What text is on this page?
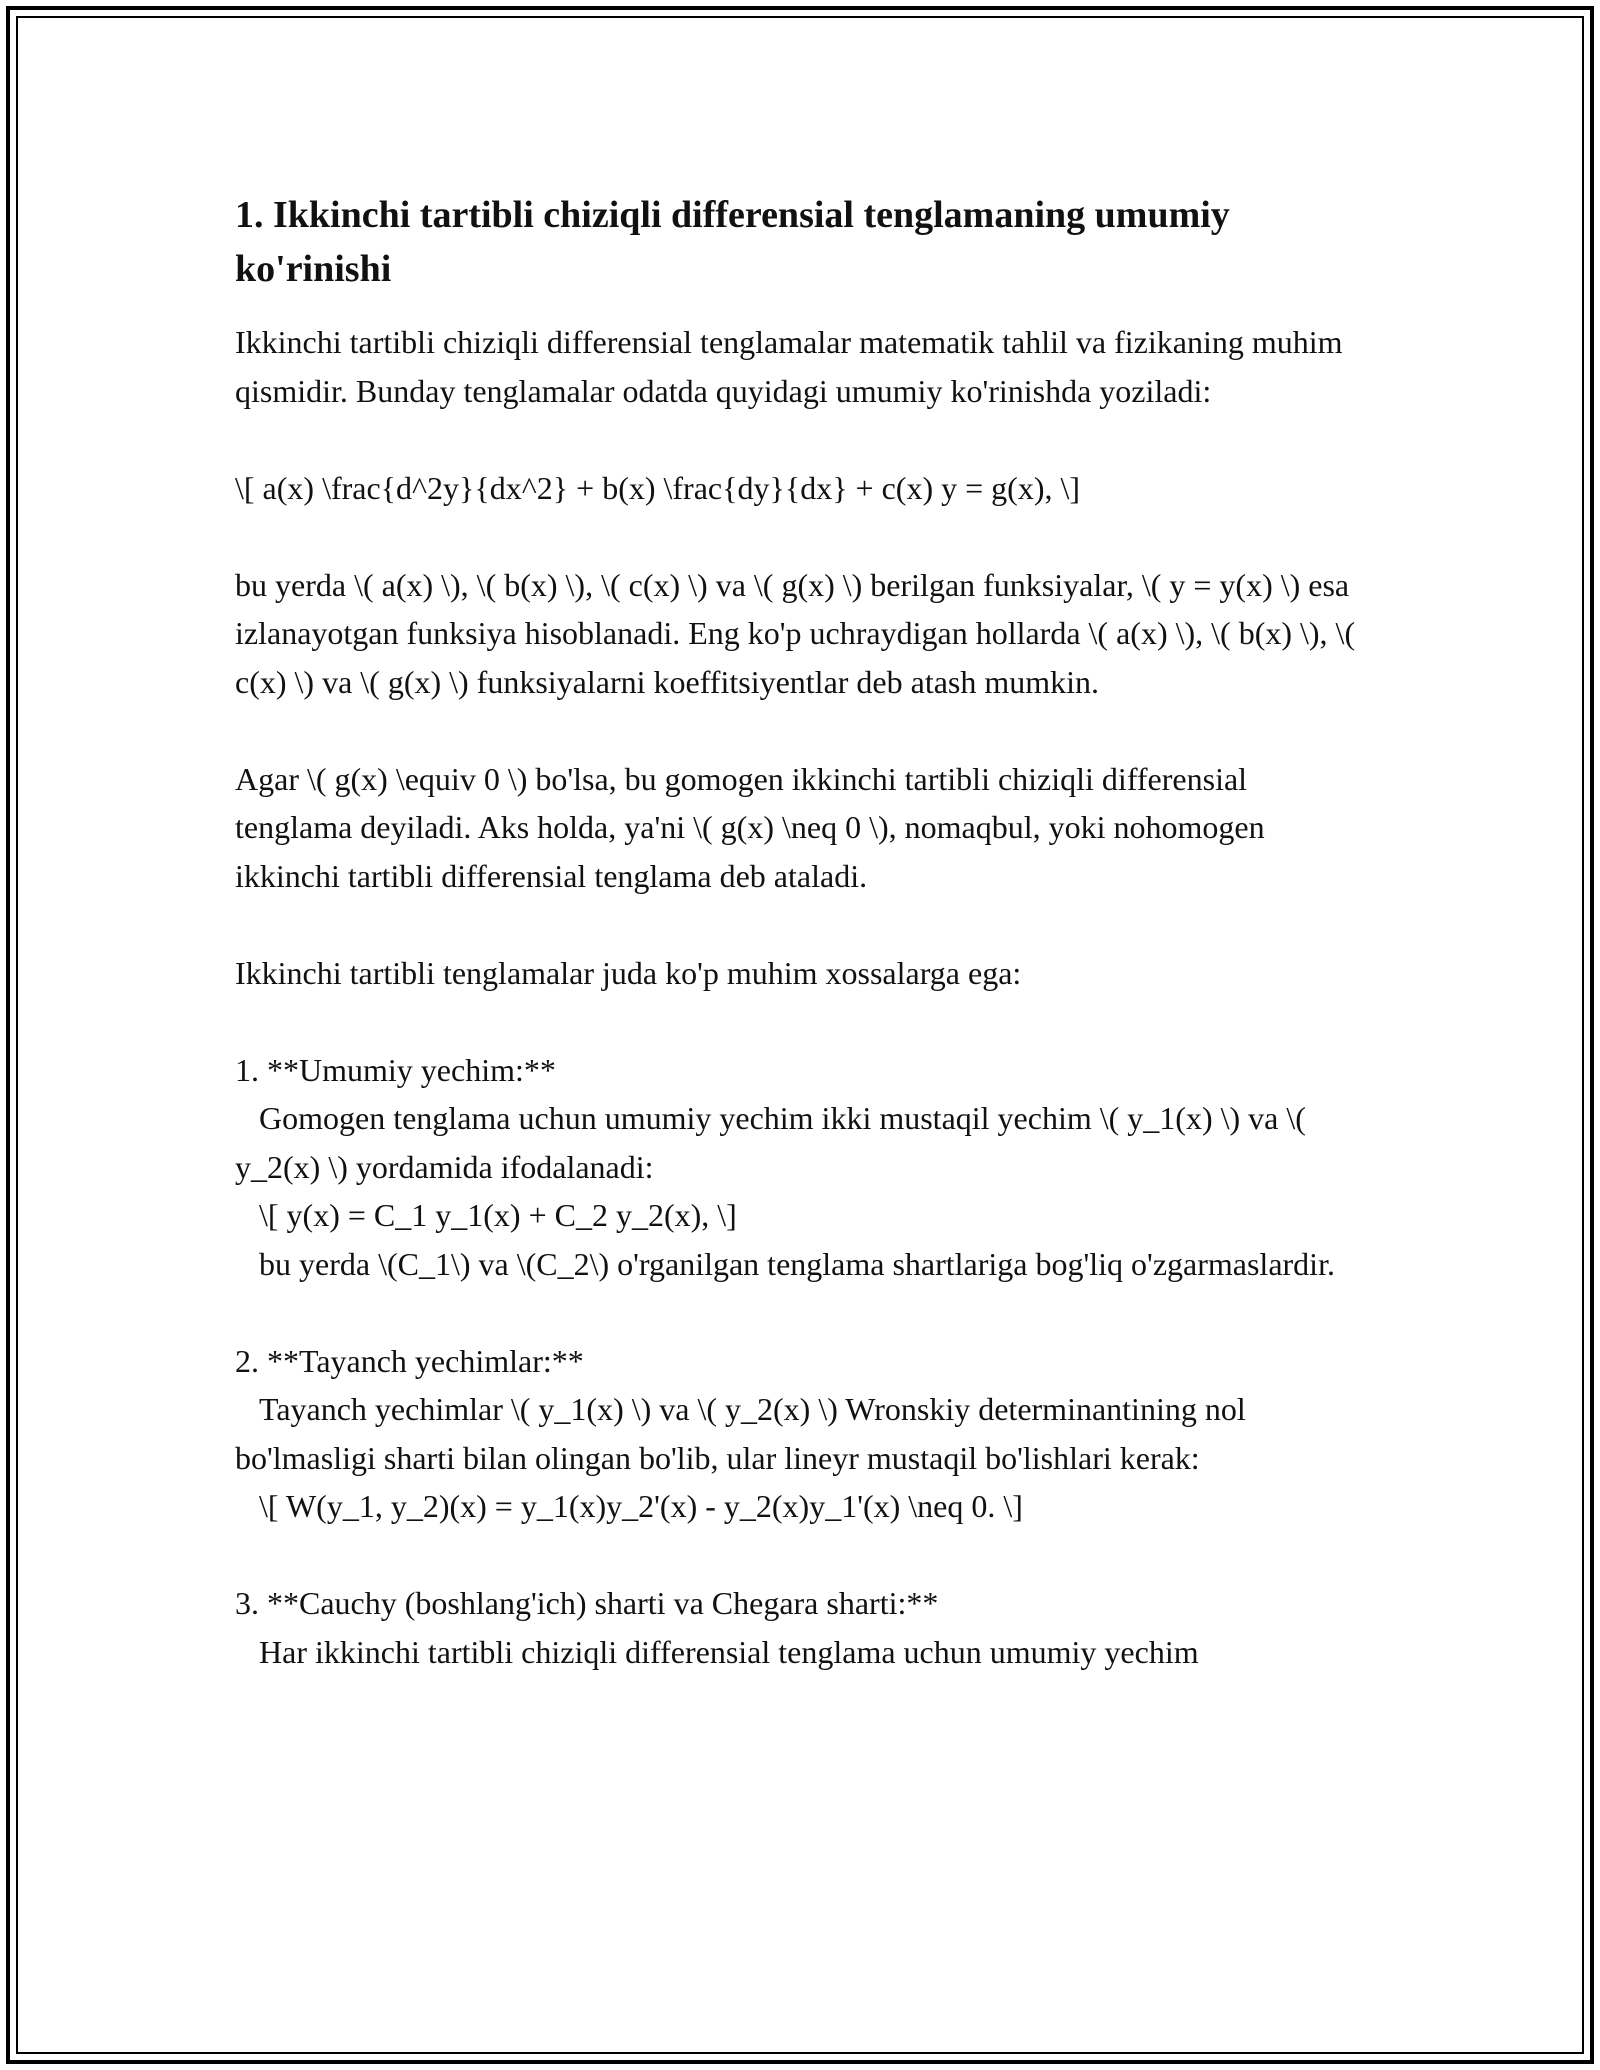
1. Ikkinchi tartibli chiziqli differensial tenglamaning umumiy ko'rinishi

Ikkinchi tartibli chiziqli differensial tenglamalar matematik tahlil va fizikaning muhim qismidir. Bunday tenglamalar odatda quyidagi umumiy ko'rinishda yoziladi:

\[ a(x) \frac{d^2y}{dx^2} + b(x) \frac{dy}{dx} + c(x) y = g(x), \]

bu yerda \( a(x) \), \( b(x) \), \( c(x) \) va \( g(x) \) berilgan funksiyalar, \( y = y(x) \) esa izlanayotgan funksiya hisoblanadi. Eng ko'p uchraydigan hollarda \( a(x) \), \( b(x) \), \( c(x) \) va \( g(x) \) funksiyalarni koeffitsiyentlar deb atash mumkin.

Agar \( g(x) \equiv 0 \) bo'lsa, bu gomogen ikkinchi tartibli chiziqli differensial tenglama deyiladi. Aks holda, ya'ni \( g(x) \neq 0 \), nomaqbul, yoki nohomogen ikkinchi tartibli differensial tenglama deb ataladi.

Ikkinchi tartibli tenglamalar juda ko'p muhim xossalarga ega:

1. **Umumiy yechim:**
Gomogen tenglama uchun umumiy yechim ikki mustaqil yechim \( y_1(x) \) va \( y_2(x) \) yordamida ifodalanadi:
\[ y(x) = C_1 y_1(x) + C_2 y_2(x), \]
bu yerda \(C_1\) va \(C_2\) o'rganilgan tenglama shartlariga bog'liq o'zgarmaslardir.

2. **Tayanch yechimlar:**
Tayanch yechimlar \( y_1(x) \) va \( y_2(x) \) Wronskiy determinantining nol bo'lmasligi sharti bilan olingan bo'lib, ular lineyr mustaqil bo'lishlari kerak:
\[ W(y_1, y_2)(x) = y_1(x)y_2'(x) - y_2(x)y_1'(x) \neq 0. \]

3. **Cauchy (boshlang'ich) sharti va Chegara sharti:**
Har ikkinchi tartibli chiziqli differensial tenglama uchun umumiy yechim
